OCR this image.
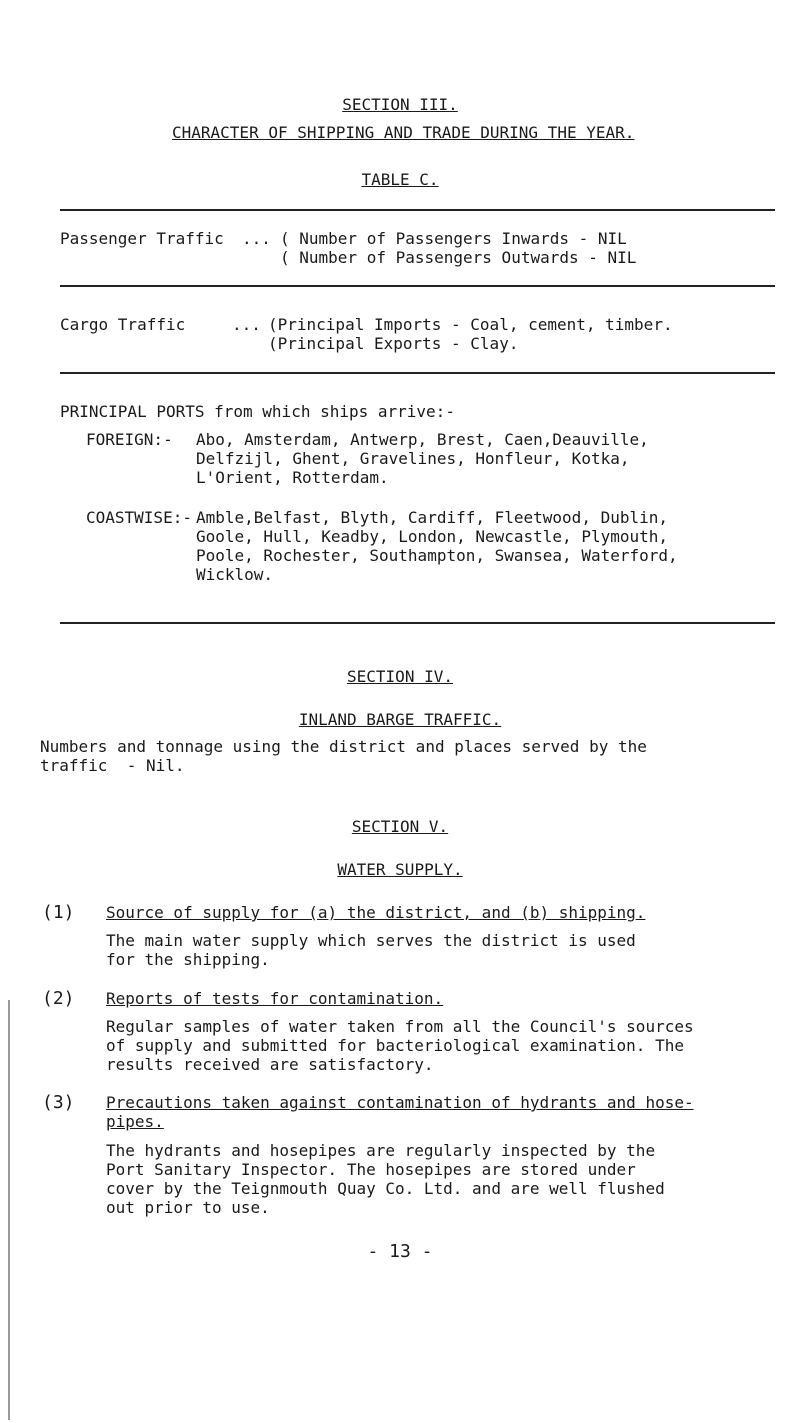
SECTION III.
CHARACTER OF SHIPPING AND TRADE DURING THE YEAR.
TABLE C.
Passenger Traffic ... ( Number of Passengers Inwards - NIL
( Number of Passengers Outwards - NIL
Cargo Traffic	... (Principal Imports - Coal, cement, timber.
(Principal Exports - Clay.
PRINCIPAL PORTS from which ships arrive:-
FOREIGN:- Abo, Amsterdam, Antwerp, Brest, Caen,Deauville,
Delfzijl, Ghent, Gravelines, Honfleur, Kotka,
L'Orient, Rotterdam.
COASTWISE:- Amble,Belfast, Blyth, Cardiff, Fleetwood, Dublin,
Goole, Hull, Keadby, London, Newcastle, Plymouth,
Poole, Rochester, Southampton, Swansea, Waterford,
Wicklow.
SECTION IV.
INLAND BARGE TRAFFIC.
Numbers and tonnage using the district and places served by the
traffic  - Nil.
SECTION V.
WATER SUPPLY.
(1) Source of supply for (a) the district, and (b) shipping.
The main water supply which serves the district is used
for the shipping.
(2) Reports of tests for contamination.
Regular samples of water taken from all the Council's sources
of supply and submitted for bacteriological examination. The
results received are satisfactory.
(3) Precautions taken against contamination of hydrants and hose-
pipes.
The hydrants and hosepipes are regularly inspected by the
Port Sanitary Inspector. The hosepipes are stored under
cover by the Teignmouth Quay Co. Ltd. and are well flushed
out prior to use.
- 13 -
